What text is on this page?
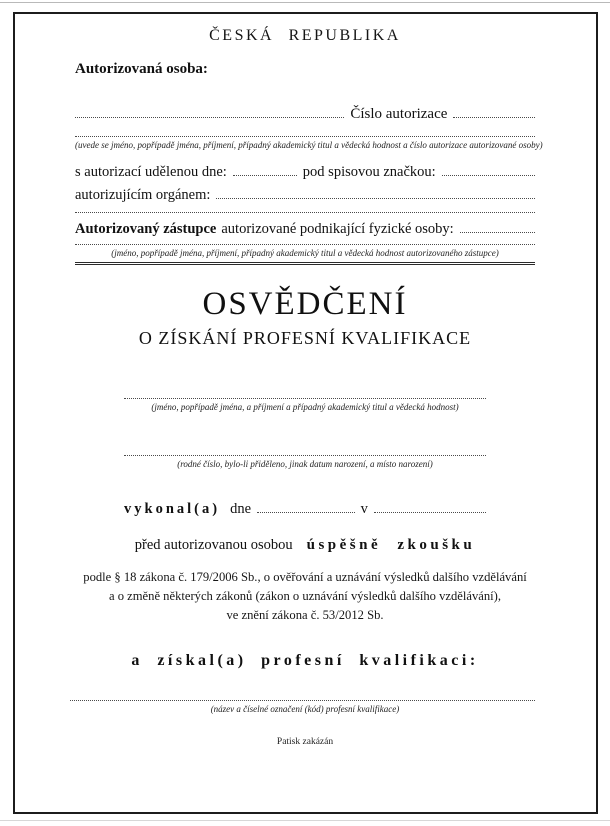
ČESKÁ REPUBLIKA
Autorizovaná osoba:
Číslo autorizace
(uvede se jméno, popřípadě jména, příjmení, případný akademický titul a vědecká hodnost a číslo autorizace autorizované osoby)
s autorizací udělenou dne:	pod spisovou značkou:
autorizujícím orgánem:
Autorizovaný zástupce autorizované podnikající fyzické osoby:
(jméno, popřípadě jména, příjmení, případný akademický titul a vědecká hodnost autorizovaného zástupce)
OSVĚDČENÍ
O ZÍSKÁNÍ PROFESNÍ KVALIFIKACE
(jméno, popřípadě jména, a příjmení a případný akademický titul a vědecká hodnost)
(rodné číslo, bylo-li přiděleno, jinak datum narození, a místo narození)
vykonal(a) dne	v
před autorizovanou osobou úspěšně zkoušku
podle § 18 zákona č. 179/2006 Sb., o ověřování a uznávání výsledků dalšího vzdělávání
a o změně některých zákonů (zákon o uznávání výsledků dalšího vzdělávání),
ve znění zákona č. 53/2012 Sb.
a získal(a) profesní kvalifikaci:
(název a číselné označení (kód) profesní kvalifikace)
Patisk zakázán
